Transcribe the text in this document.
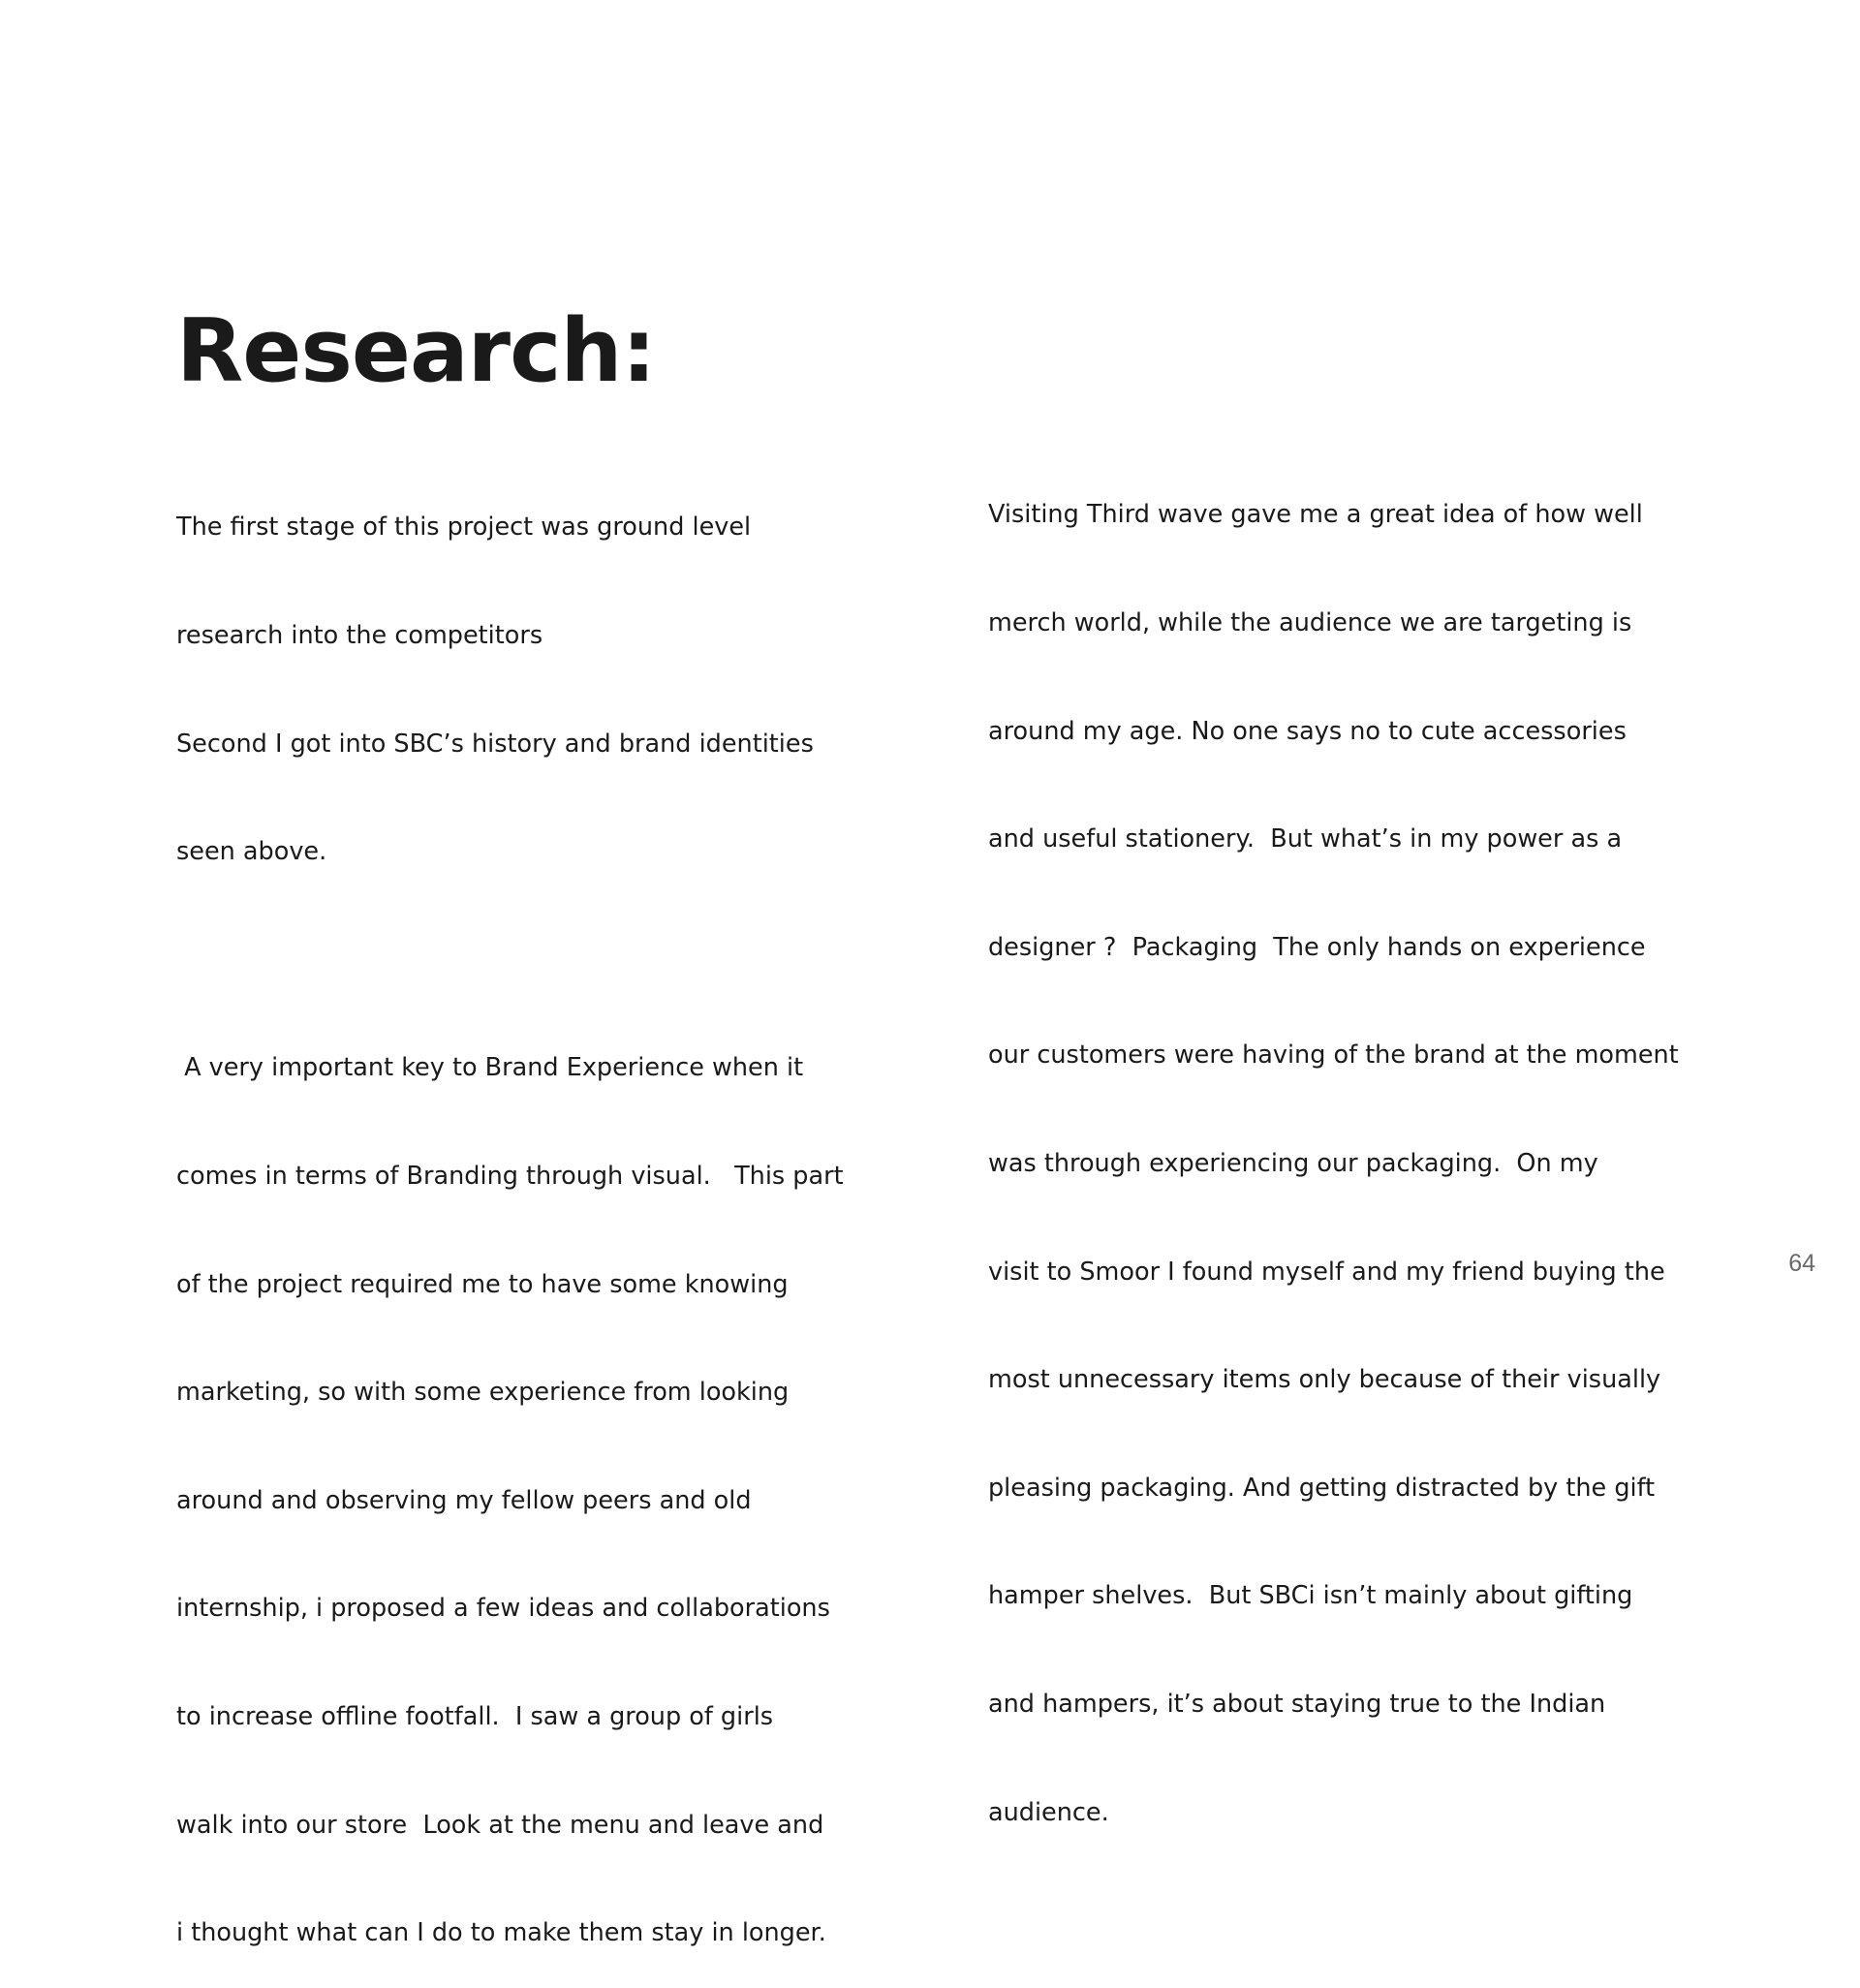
Research:

The first stage of this project was ground level

research into the competitors

Second I got into SBC’s history and brand identities

seen above.

A very important key to Brand Experience when it

comes in terms of Branding through visual.   This part

of the project required me to have some knowing

marketing, so with some experience from looking

around and observing my fellow peers and old

internship, i proposed a few ideas and collaborations

to increase offline footfall.  I saw a group of girls

walk into our store  Look at the menu and leave and

i thought what can I do to make them stay in longer.

Visiting Third wave gave me a great idea of how well

merch world, while the audience we are targeting is

around my age. No one says no to cute accessories

and useful stationery.  But what’s in my power as a

designer ?  Packaging  The only hands on experience

our customers were having of the brand at the moment

was through experiencing our packaging.  On my

visit to Smoor I found myself and my friend buying the

most unnecessary items only because of their visually

pleasing packaging. And getting distracted by the gift

hamper shelves.  But SBCi isn’t mainly about gifting

and hampers, it’s about staying true to the Indian

audience.

64
